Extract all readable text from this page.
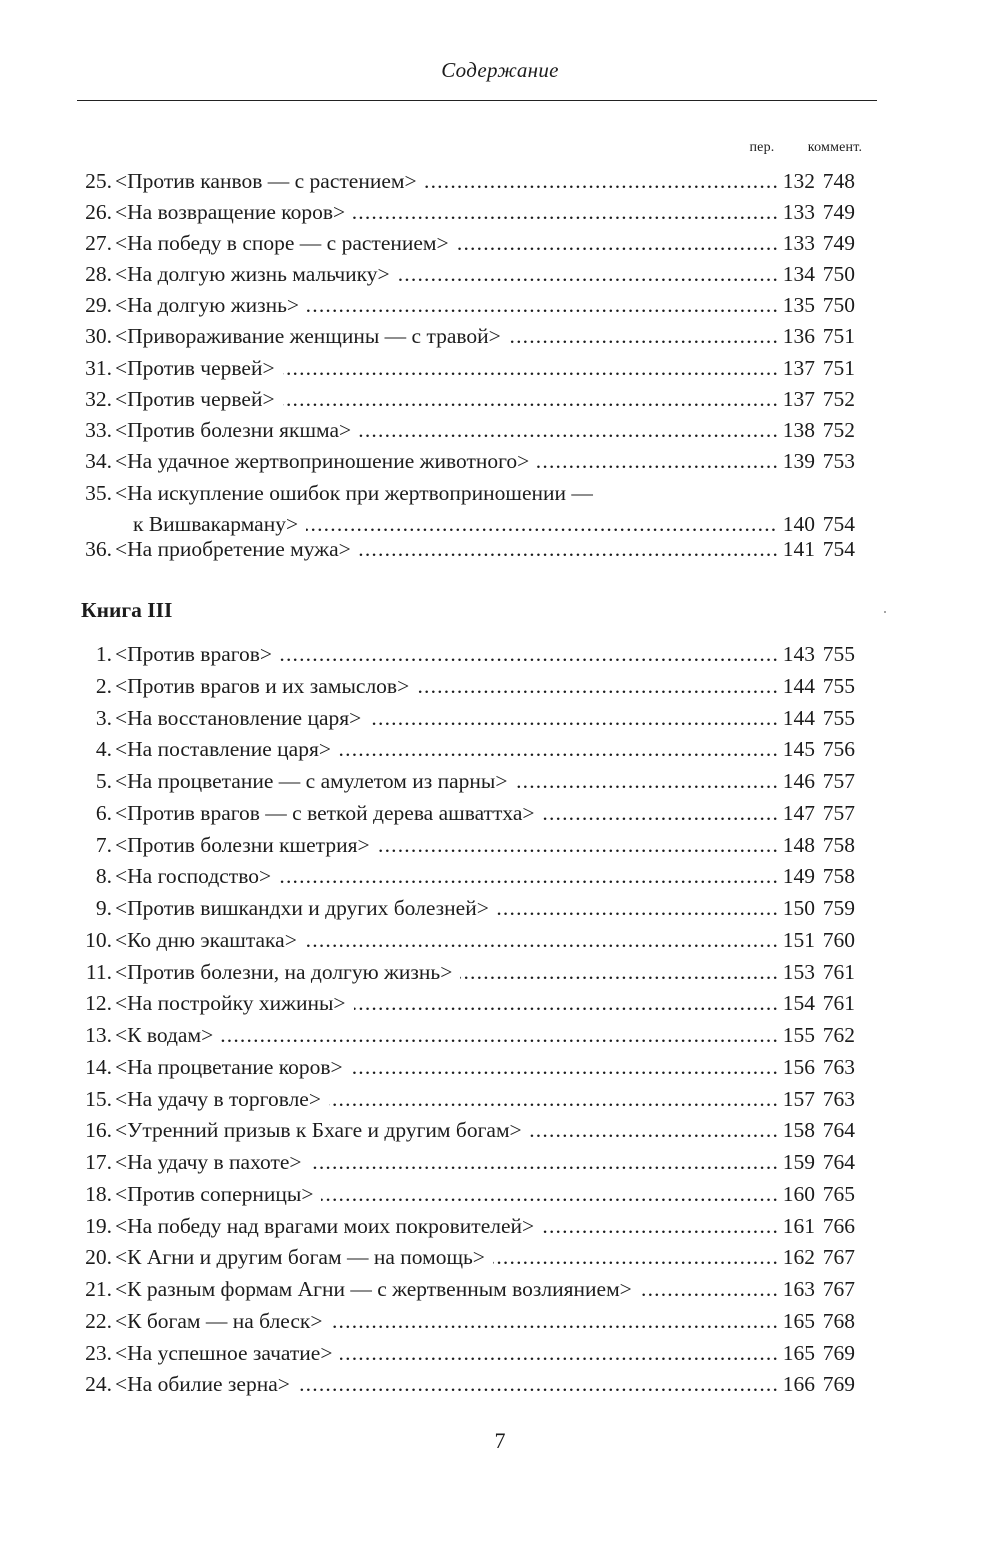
Содержание
пер.	коммент.
25. <Против канвов — с растением> .....	132 748
26. <На возвращение коров> .....	133 749
27. <На победу в споре — с растением> .....	133 749
28. <На долгую жизнь мальчику> .....	134 750
29. <На долгую жизнь> .....	135 750
30. <Привораживание женщины — с травой> .....	136 751
31. <Против червей> .....	137 751
32. <Против червей> .....	137 752
33. <Против болезни якшма> .....	138 752
34. <На удачное жертвоприношение животного> .....	139 753
35. <На искупление ошибок при жертвоприношении —
к Вишвакарману> .....	140 754
36. <На приобретение мужа> .....	141 754
Книга III
1. <Против врагов> .....	143 755
2. <Против врагов и их замыслов> .....	144 755
3. <На восстановление царя> .....	144 755
4. <На поставление царя> .....	145 756
5. <На процветание — с амулетом из парны> .....	146 757
6. <Против врагов — с веткой дерева ашваттха> .....	147 757
7. <Против болезни кшетрия> .....	148 758
8. <На господство> .....	149 758
9. <Против вишкандхи и других болезней> .....	150 759
10. <Ко дню экаштака> .....	151 760
11. <Против болезни, на долгую жизнь> .....	153 761
12. <На постройку хижины> .....	154 761
13. <К водам> .....	155 762
14. <На процветание коров> .....	156 763
15. <На удачу в торговле> .....	157 763
16. <Утренний призыв к Бхаге и другим богам> .....	158 764
17. <На удачу в пахоте> .....	159 764
18. <Против соперницы> .....	160 765
19. <На победу над врагами моих покровителей> .....	161 766
20. <К Агни и другим богам — на помощь> .....	162 767
21. <К разным формам Агни — с жертвенным возлиянием> .....	163 767
22. <К богам — на блеск> .....	165 768
23. <На успешное зачатие> .....	165 769
24. <На обилие зерна> .....	166 769
7
